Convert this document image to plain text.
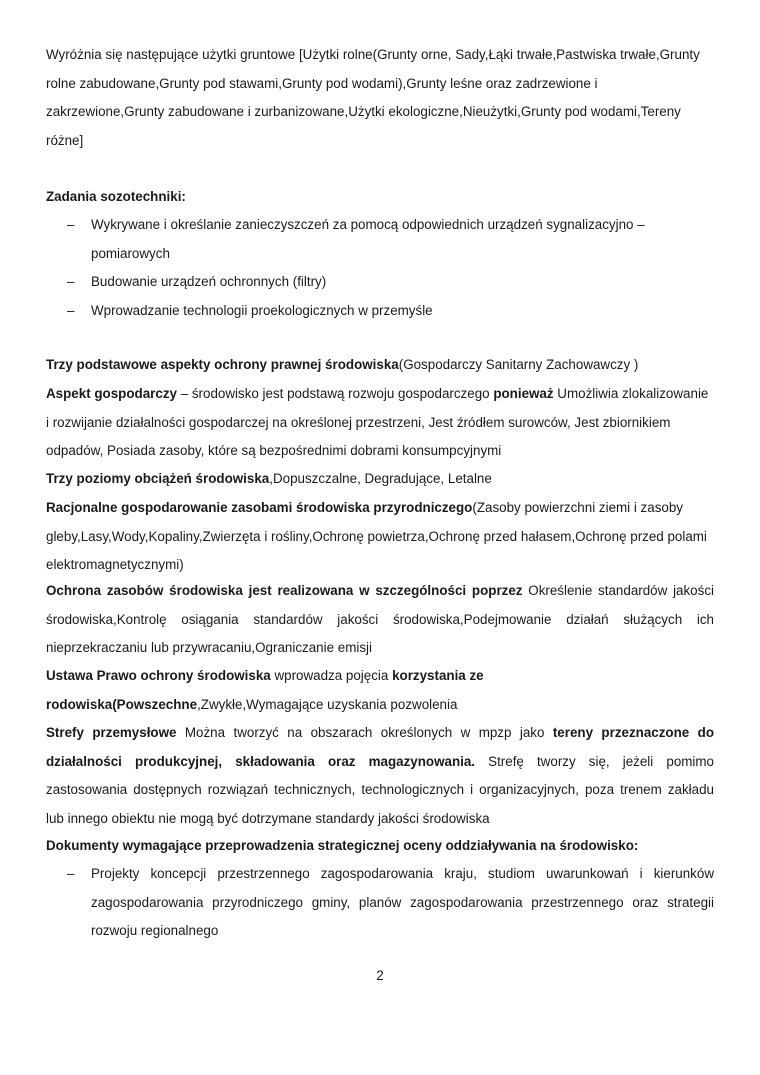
Wyróżnia się następujące użytki gruntowe [Użytki rolne(Grunty orne, Sady,Łąki trwałe,Pastwiska trwałe,Grunty rolne zabudowane,Grunty pod stawami,Grunty pod wodami),Grunty leśne oraz zadrzewione i zakrzewione,Grunty zabudowane i zurbanizowane,Użytki ekologiczne,Nieużytki,Grunty pod wodami,Tereny różne]

Zadania sozotechniki:

–	Wykrywane i określanie zanieczyszczeń za pomocą odpowiednich urządzeń sygnalizacyjno – pomiarowych
–	Budowanie urządzeń ochronnych (filtry)
–	Wprowadzanie technologii proekologicznych w przemyśle

Trzy podstawowe aspekty ochrony prawnej środowiska(Gospodarczy Sanitarny Zachowawczy )

Aspekt gospodarczy – środowisko jest podstawą rozwoju gospodarczego ponieważ Umożliwia zlokalizowanie i rozwijanie działalności gospodarczej na określonej przestrzeni, Jest źródłem surowców, Jest zbiornikiem odpadów, Posiada zasoby, które są bezpośrednimi dobrami konsumpcyjnymi

Trzy poziomy obciążeń środowiska,Dopuszczalne, Degradujące, Letalne

Racjonalne gospodarowanie zasobami środowiska przyrodniczego(Zasoby powierzchni ziemi i zasoby gleby,Lasy,Wody,Kopaliny,Zwierzęta i rośliny,Ochronę powietrza,Ochronę przed hałasem,Ochronę przed polami elektromagnetycznymi)

Ochrona zasobów środowiska jest realizowana w szczególności poprzez Określenie standardów jakości środowiska,Kontrolę osiągania standardów jakości środowiska,Podejmowanie działań służących ich nieprzekraczaniu lub przywracaniu,Ograniczanie emisji

Ustawa Prawo ochrony środowiska wprowadza pojęcia korzystania ze
rodowiska(Powszechne,Zwykłe,Wymagające uzyskania pozwolenia

Strefy przemysłowe Można tworzyć na obszarach określonych w mpzp jako tereny przeznaczone do działalności produkcyjnej, składowania oraz magazynowania. Strefę tworzy się, jeżeli pomimo zastosowania dostępnych rozwiązań technicznych, technologicznych i organizacyjnych, poza trenem zakładu lub innego obiektu nie mogą być dotrzymane standardy jakości środowiska

Dokumenty wymagające przeprowadzenia strategicznej oceny oddziaływania na środowisko:

–	Projekty koncepcji przestrzennego zagospodarowania kraju, studiom uwarunkowań i kierunków zagospodarowania przyrodniczego gminy, planów zagospodarowania przestrzennego oraz strategii rozwoju regionalnego
2
